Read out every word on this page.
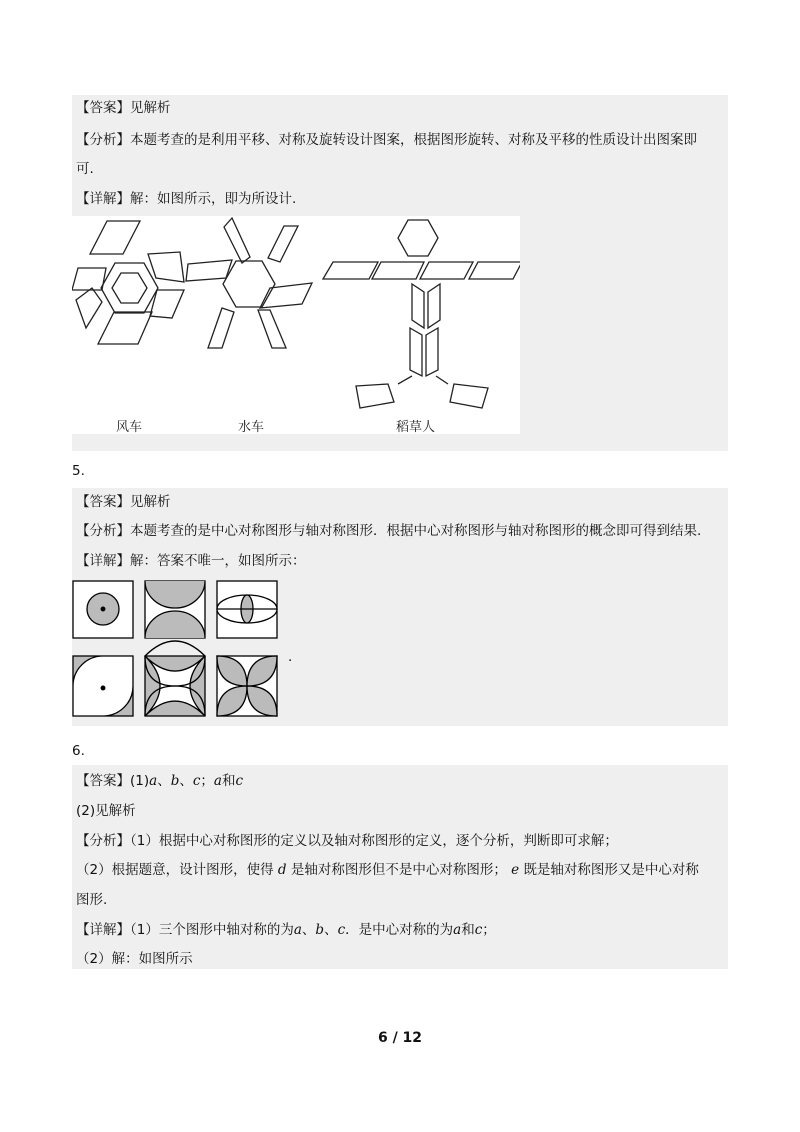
【答案】见解析
【分析】本题考查的是利用平移、对称及旋转设计图案，根据图形旋转、对称及平移的性质设计出图案即
可.
【详解】解：如图所示，即为所设计.
风车	水车	稻草人
5.
【答案】见解析
【分析】本题考查的是中心对称图形与轴对称图形．根据中心对称图形与轴对称图形的概念即可得到结果.
【详解】解：答案不唯一，如图所示：
.
6.
【答案】(1)a、b、c；a和c
(2)见解析
【分析】（1）根据中心对称图形的定义以及轴对称图形的定义，逐个分析，判断即可求解；
（2）根据题意，设计图形，使得 d 是轴对称图形但不是中心对称图形； e 既是轴对称图形又是中心对称
图形.
【详解】（1）三个图形中轴对称的为a、b、c．是中心对称的为a和c；
（2）解：如图所示
6 / 12
